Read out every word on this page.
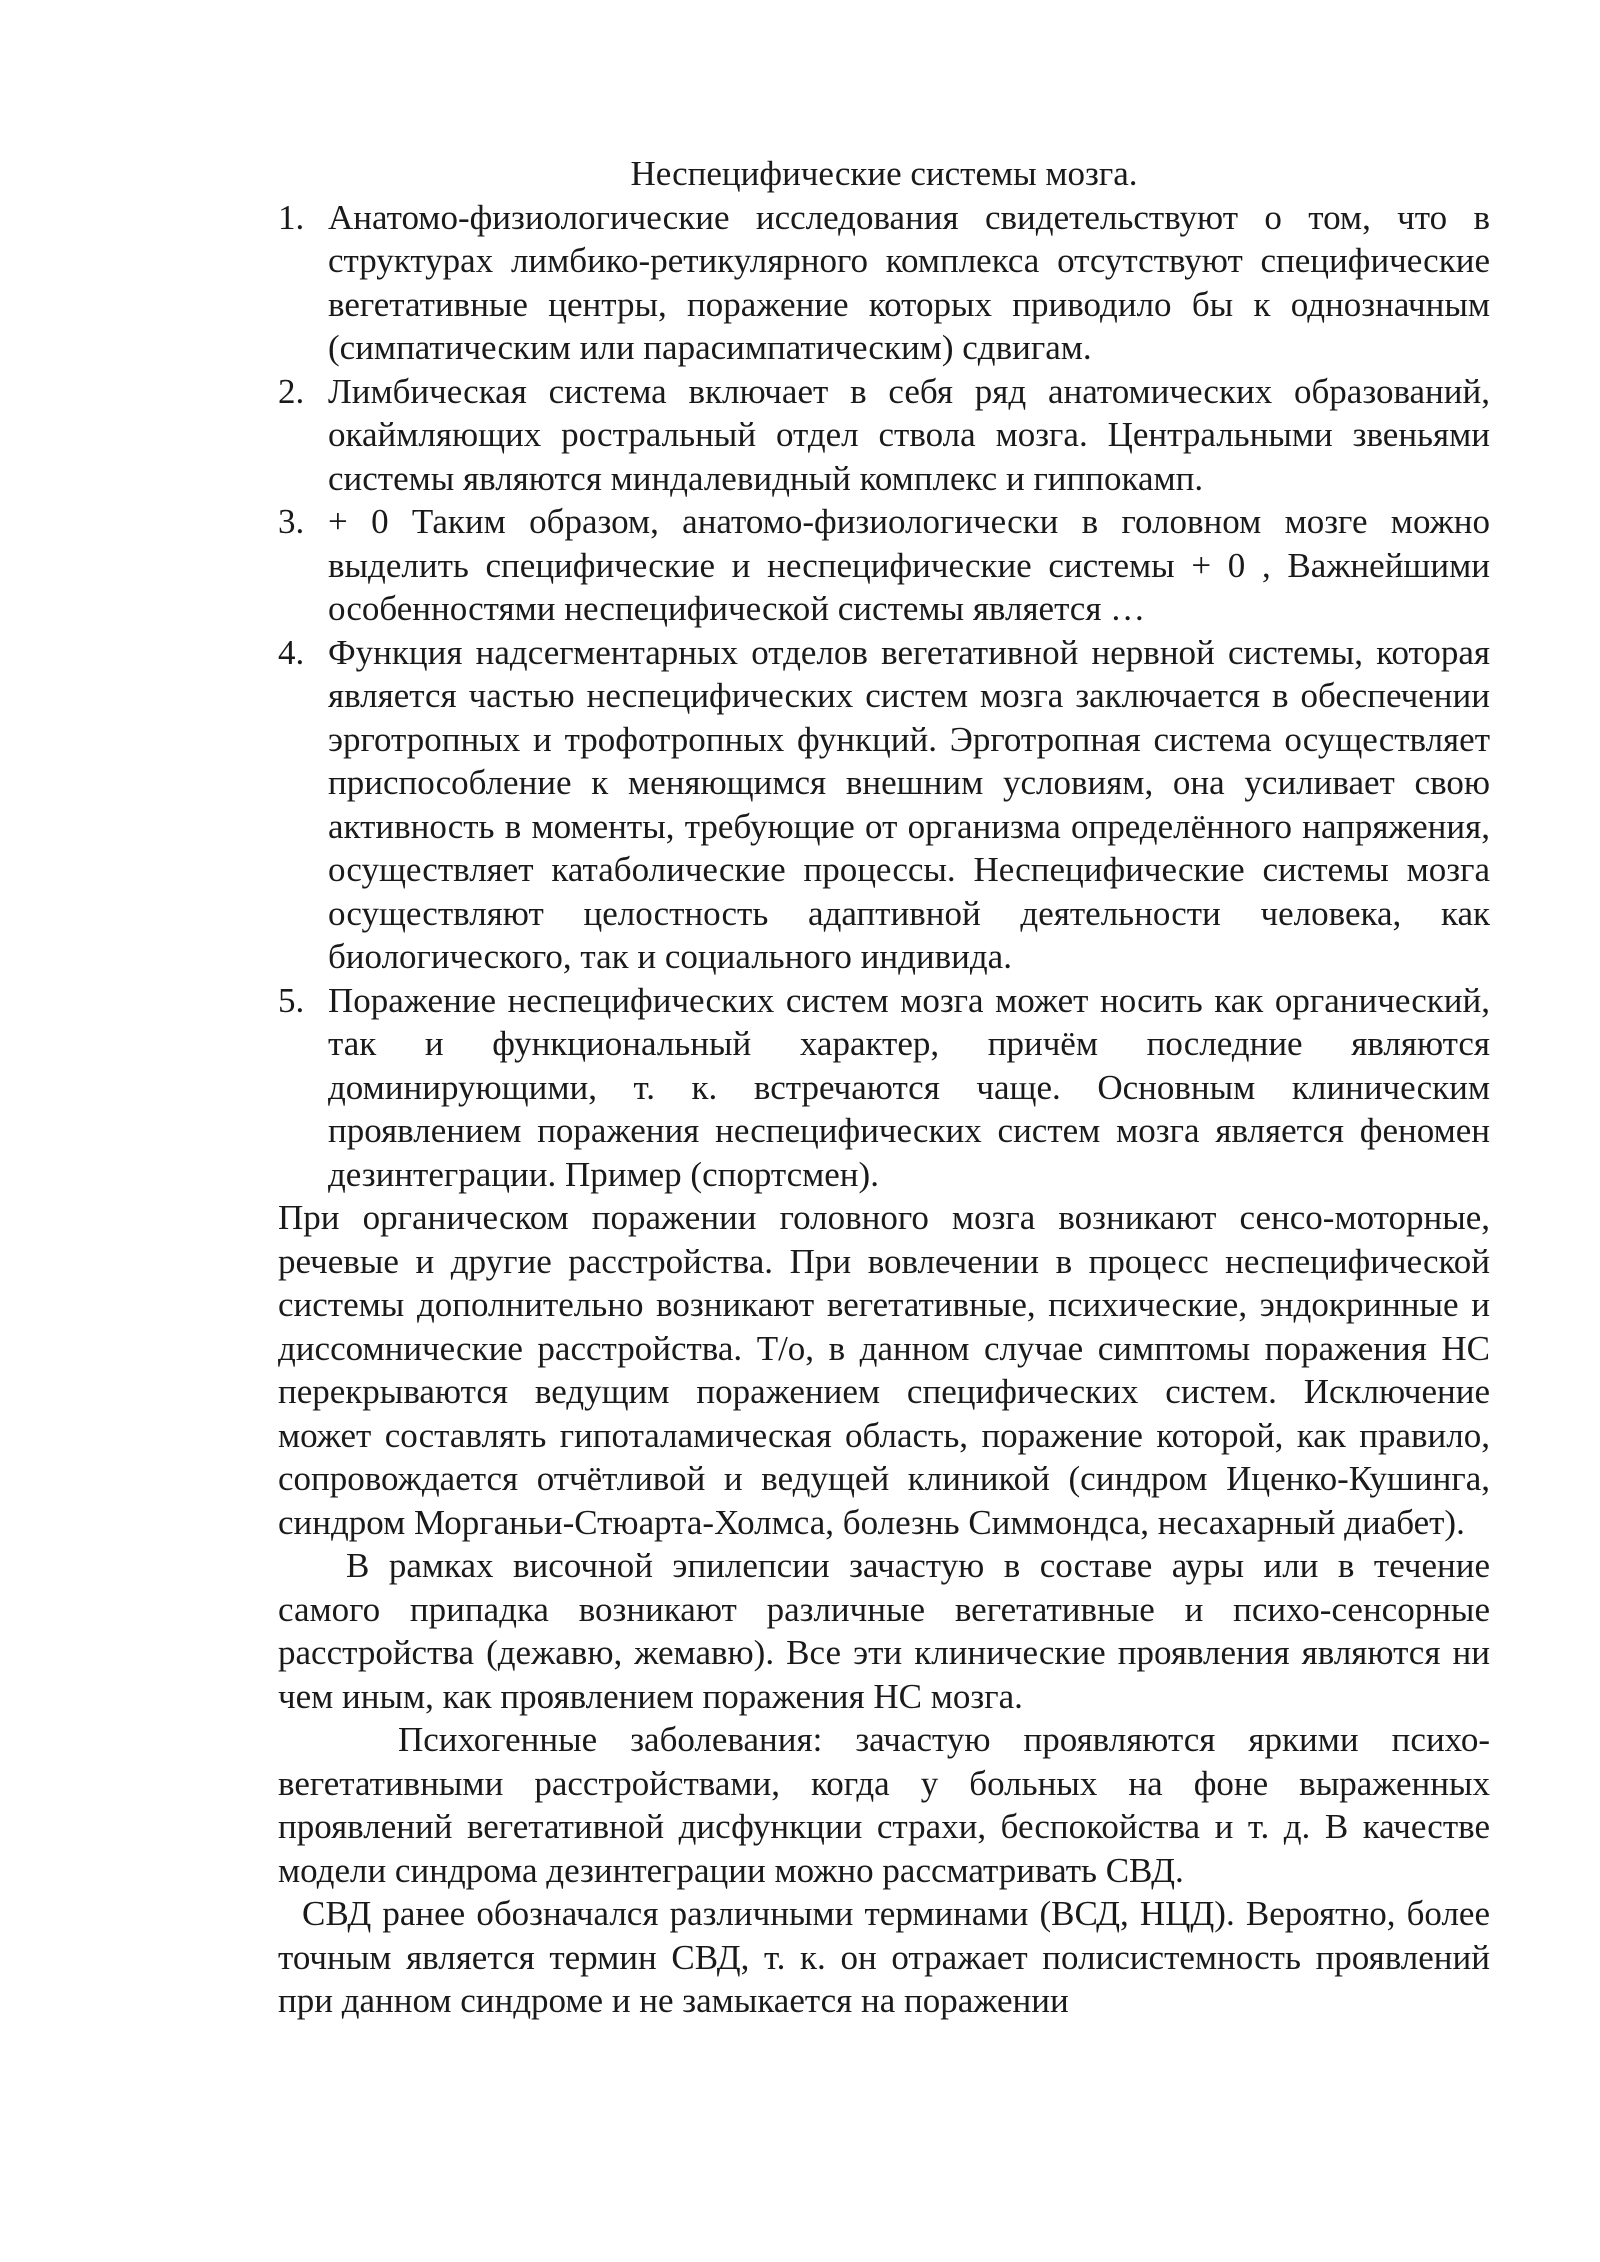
Неспецифические системы мозга.

1. Анатомо-физиологические исследования свидетельствуют о том, что в структурах лимбико-ретикулярного комплекса отсутствуют специфические вегетативные центры, поражение которых приводило бы к однозначным (симпатическим или парасимпатическим) сдвигам.
2. Лимбическая система включает в себя ряд анатомических образований, окаймляющих ростральный отдел ствола мозга. Центральными звеньями системы являются миндалевидный комплекс и гиппокамп.
3. + 0 Таким образом, анатомо-физиологически в головном мозге можно выделить специфические и неспецифические системы + 0 , Важнейшими особенностями неспецифической системы является …
4. Функция надсегментарных отделов вегетативной нервной системы, которая является частью неспецифических систем мозга заключается в обеспечении эрготропных и трофотропных функций. Эрготропная система осуществляет приспособление к меняющимся внешним условиям, она усиливает свою активность в моменты, требующие от организма определённого напряжения, осуществляет катаболические процессы. Неспецифические системы мозга осуществляют целостность адаптивной деятельности человека, как биологического, так и социального индивида.
5. Поражение неспецифических систем мозга может носить как органический, так и функциональный характер, причём последние являются доминирующими, т. к. встречаются чаще. Основным клиническим проявлением поражения неспецифических систем мозга является феномен дезинтеграции. Пример (спортсмен).

При органическом поражении головного мозга возникают сенсо-моторные, речевые и другие расстройства. При вовлечении в процесс неспецифической системы дополнительно возникают вегетативные, психические, эндокринные и диссомнические расстройства. Т/о, в данном случае симптомы поражения НС перекрываются ведущим поражением специфических систем. Исключение может составлять гипоталамическая область, поражение которой, как правило, сопровождается отчётливой и ведущей клиникой (синдром Иценко-Кушинга, синдром Морганьи-Стюарта-Холмса, болезнь Симмондса, несахарный диабет).

В рамках височной эпилепсии зачастую в составе ауры или в течение самого припадка возникают различные вегетативные и психо-сенсорные расстройства (дежавю, жемавю). Все эти клинические проявления являются ни чем иным, как проявлением поражения НС мозга.

Психогенные заболевания: зачастую проявляются яркими психо-вегетативными расстройствами, когда у больных на фоне выраженных проявлений вегетативной дисфункции страхи, беспокойства и т. д. В качестве модели синдрома дезинтеграции можно рассматривать СВД.

СВД ранее обозначался различными терминами (ВСД, НЦД). Вероятно, более точным является термин СВД, т. к. он отражает полисистемность проявлений при данном синдроме и не замыкается на поражении
